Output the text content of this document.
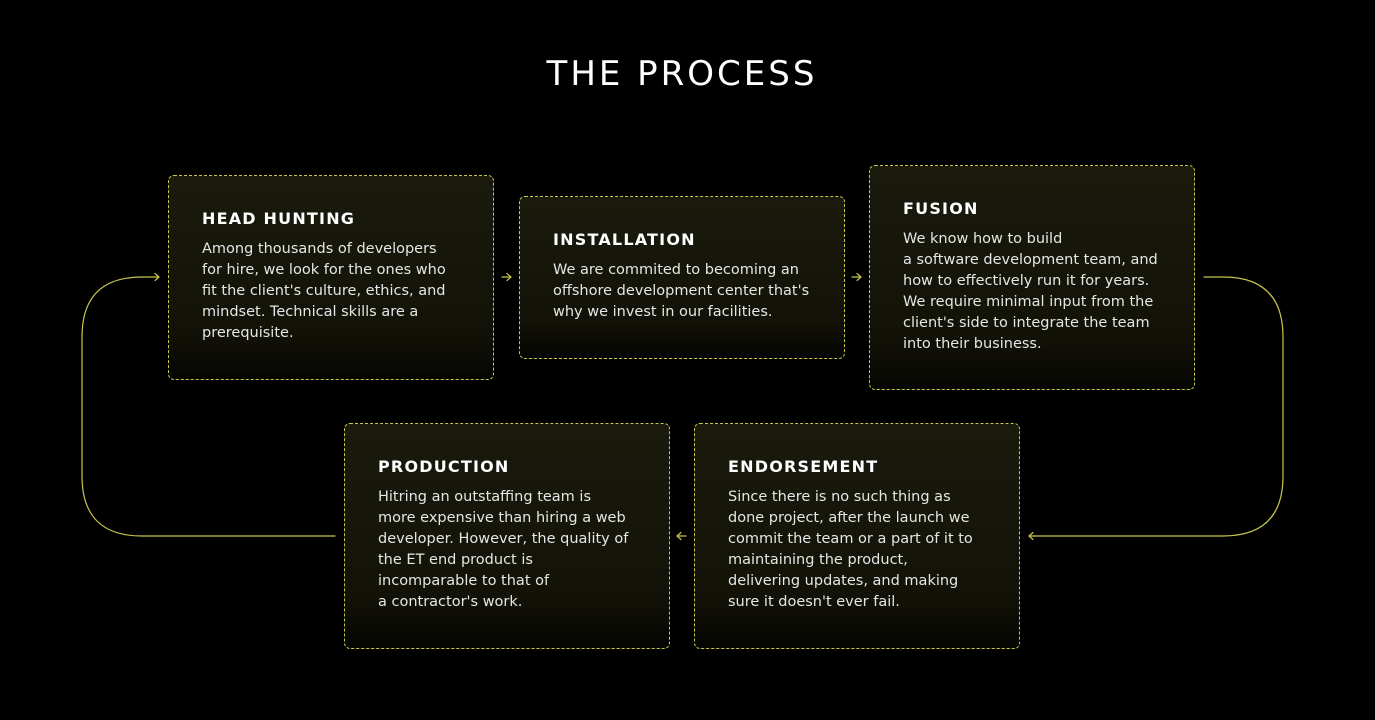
THE PROCESS
HEAD HUNTING

Among thousands of developers
for hire, we look for the ones who
fit the client's culture, ethics, and
mindset. Technical skills are a
prerequisite.

INSTALLATION

We are commited to becoming an
offshore development center that's
why we invest in our facilities.

FUSION

We know how to build
a software development team, and
how to effectively run it for years.
We require minimal input from the
client's side to integrate the team
into their business.

ENDORSEMENT

Since there is no such thing as
done project, after the launch we
commit the team or a part of it to
maintaining the product,
delivering updates, and making
sure it doesn't ever fail.

PRODUCTION

Hitring an outstaffing team is
more expensive than hiring a web
developer. However, the quality of
the ET end product is
incomparable to that of
a contractor's work.
